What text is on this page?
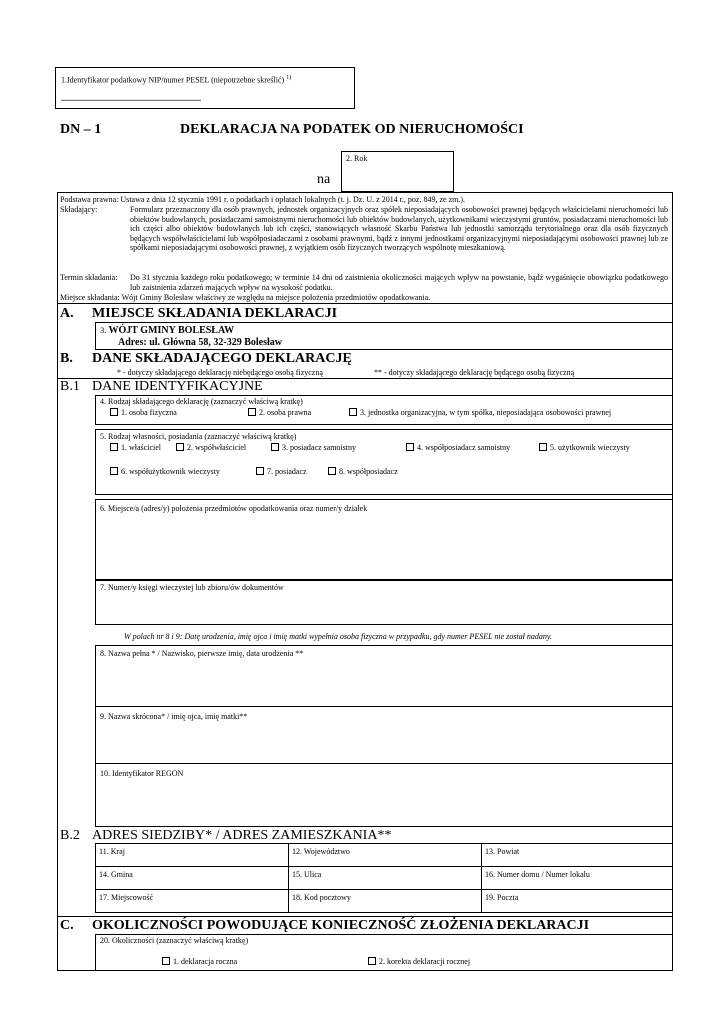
1.Identyfikator podatkowy NIP/numer PESEL (niepotrzebne skreślić) $^{1)}$
......................................................................
DN – 1	DEKLARACJA NA PODATEK OD NIERUCHOMOŚCI
2. Rok
na
Podstawa prawna: Ustawa z dnia 12 stycznia 1991 r. o podatkach i opłatach lokalnych (t. j. Dz. U. z 2014 r., poz. 849, ze zm.).
Składający:	Formularz przeznaczony dla osób prawnych, jednostek organizacyjnych oraz spółek nieposiadających osobowości prawnej będących właścicielami nieruchomości lub obiektów budowlanych, posiadaczami samoistnymi nieruchomości lub obiektów budowlanych, użytkownikami wieczystymi gruntów, posiadaczami nieruchomości lub ich części albo obiektów budowlanych lub ich części, stanowiących własność Skarbu Państwa lub jednostki samorządu terytorialnego oraz dla osób fizycznych będących współwłaścicielami lub współposiadaczami z osobami prawnymi, bądź z innymi jednostkami organizacyjnymi nieposiadającymi osobowości prawnej lub ze spółkami nieposiadającymi osobowości prawnej, z wyjątkiem osób fizycznych tworzących wspólnotę mieszkaniową.
Termin składania: Do 31 stycznia każdego roku podatkowego; w terminie 14 dni od zaistnienia okoliczności mających wpływ na powstanie, bądź wygaśnięcie obowiązku podatkowego lub zaistnienia zdarzeń mających wpływ na wysokość podatku.
Miejsce składania: Wójt Gminy Bolesław właściwy ze względu na miejsce położenia przedmiotów opodatkowania.
A. MIEJSCE SKŁADANIA DEKLARACJI
3. WÓJT GMINY BOLESŁAW
Adres: ul. Główna 58, 32-329 Bolesław
B. DANE SKŁADAJĄCEGO DEKLARACJĘ
* - dotyczy składającego deklarację niebędącego osobą fizyczną	** - dotyczy składającego deklarację będącego osobą fizyczną
B.1 DANE IDENTYFIKACYJNE
4. Rodzaj składającego deklarację (zaznaczyć właściwą kratkę)
1. osoba fizyczna	2. osoba prawna	3. jednostka organizacyjna, w tym spółka, nieposiadająca osobowości prawnej
5. Rodzaj własności, posiadania (zaznaczyć właściwą kratkę)
1. właściciel	2. współwłaściciel	3. posiadacz samoistny	4. współposiadacz samoistny	5. użytkownik wieczysty
6. współużytkownik wieczysty	7. posiadacz	8. współposiadacz
6. Miejsce/a (adres/y) położenia przedmiotów opodatkowania oraz numer/y działek
7. Numer/y księgi wieczystej lub zbioru/ów dokumentów
W polach nr 8 i 9: Datę urodzenia, imię ojca i imię matki wypełnia osoba fizyczna w przypadku, gdy numer PESEL nie został nadany.
8. Nazwa pełna * / Nazwisko, pierwsze imię, data urodzenia **
9. Nazwa skrócona* / imię ojca, imię matki**
10. Identyfikator REGON
B.2 ADRES SIEDZIBY* / ADRES ZAMIESZKANIA**
11. Kraj	12. Województwo	13. Powiat
14. Gmina	15. Ulica	16. Numer domu / Numer lokalu
17. Miejscowość	18. Kod pocztowy	19. Poczta
C. OKOLICZNOŚCI POWODUJĄCE KONIECZNOŚĆ ZŁOŻENIA DEKLARACJI
20. Okoliczności (zaznaczyć właściwą kratkę)
1. deklaracja roczna	2. korekta deklaracji rocznej
